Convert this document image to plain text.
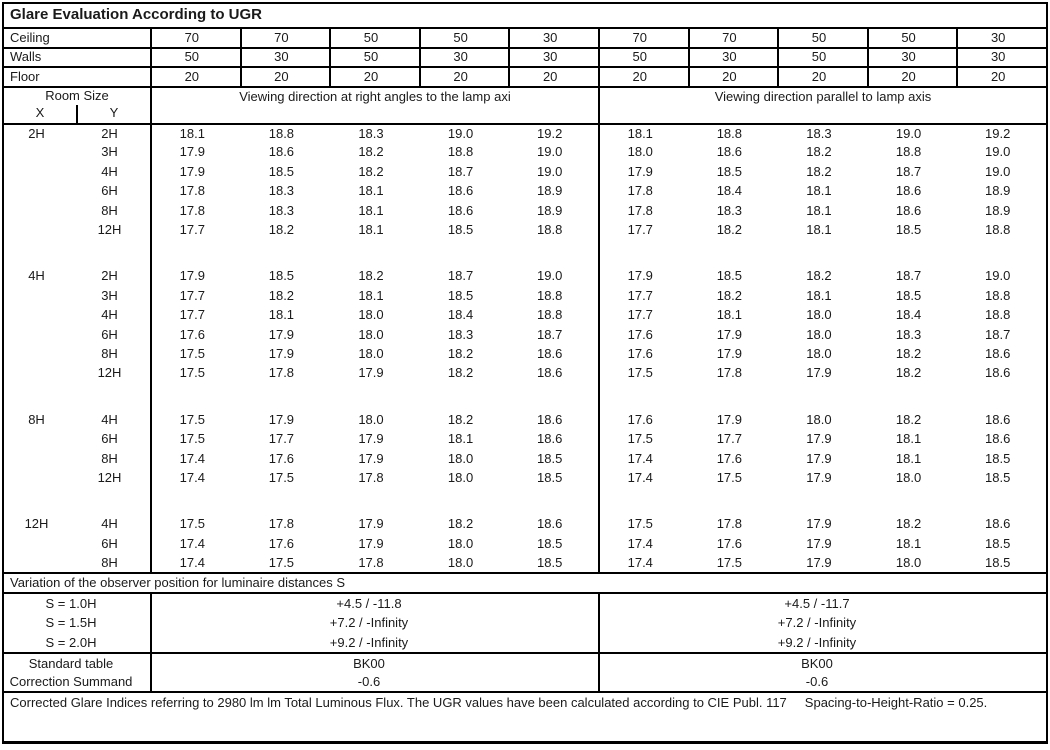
Glare Evaluation According to UGR											
Ceiling		70	70	50	50	30	70	70	50	50	30
Walls		50	30	50	30	30	50	30	50	30	30
Floor		20	20	20	20	20	20	20	20	20	20
Room Size		Viewing direction at right angles to the lamp axi					Viewing direction parallel to lamp axis				
X	Y										
2H	2H	18.1	18.8	18.3	19.0	19.2	18.1	18.8	18.3	19.0	19.2
	3H	17.9	18.6	18.2	18.8	19.0	18.0	18.6	18.2	18.8	19.0
	4H	17.9	18.5	18.2	18.7	19.0	17.9	18.5	18.2	18.7	19.0
	6H	17.8	18.3	18.1	18.6	18.9	17.8	18.4	18.1	18.6	18.9
	8H	17.8	18.3	18.1	18.6	18.9	17.8	18.3	18.1	18.6	18.9
	12H	17.7	18.2	18.1	18.5	18.8	17.7	18.2	18.1	18.5	18.8

4H	2H	17.9	18.5	18.2	18.7	19.0	17.9	18.5	18.2	18.7	19.0
	3H	17.7	18.2	18.1	18.5	18.8	17.7	18.2	18.1	18.5	18.8
	4H	17.7	18.1	18.0	18.4	18.8	17.7	18.1	18.0	18.4	18.8
	6H	17.6	17.9	18.0	18.3	18.7	17.6	17.9	18.0	18.3	18.7
	8H	17.5	17.9	18.0	18.2	18.6	17.6	17.9	18.0	18.2	18.6
	12H	17.5	17.8	17.9	18.2	18.6	17.5	17.8	17.9	18.2	18.6

8H	4H	17.5	17.9	18.0	18.2	18.6	17.6	17.9	18.0	18.2	18.6
	6H	17.5	17.7	17.9	18.1	18.6	17.5	17.7	17.9	18.1	18.6
	8H	17.4	17.6	17.9	18.0	18.5	17.4	17.6	17.9	18.1	18.5
	12H	17.4	17.5	17.8	18.0	18.5	17.4	17.5	17.9	18.0	18.5

12H	4H	17.5	17.8	17.9	18.2	18.6	17.5	17.8	17.9	18.2	18.6
	6H	17.4	17.6	17.9	18.0	18.5	17.4	17.6	17.9	18.1	18.5
	8H	17.4	17.5	17.8	18.0	18.5	17.4	17.5	17.9	18.0	18.5
Variation of the observer position for luminaire distances S											
S = 1.0H		+4.5 / -11.8					+4.5 / -11.7				
S = 1.5H		+7.2 / -Infinity					+7.2 / -Infinity				
S = 2.0H		+9.2 / -Infinity					+9.2 / -Infinity				
Standard table		BK00					BK00				
Correction Summand		-0.6					-0.6				
Corrected Glare Indices referring to 2980 lm lm Total Luminous Flux. The UGR values have been calculated according to CIE Publ. 117 Spacing-to-Height-Ratio = 0.25.											
